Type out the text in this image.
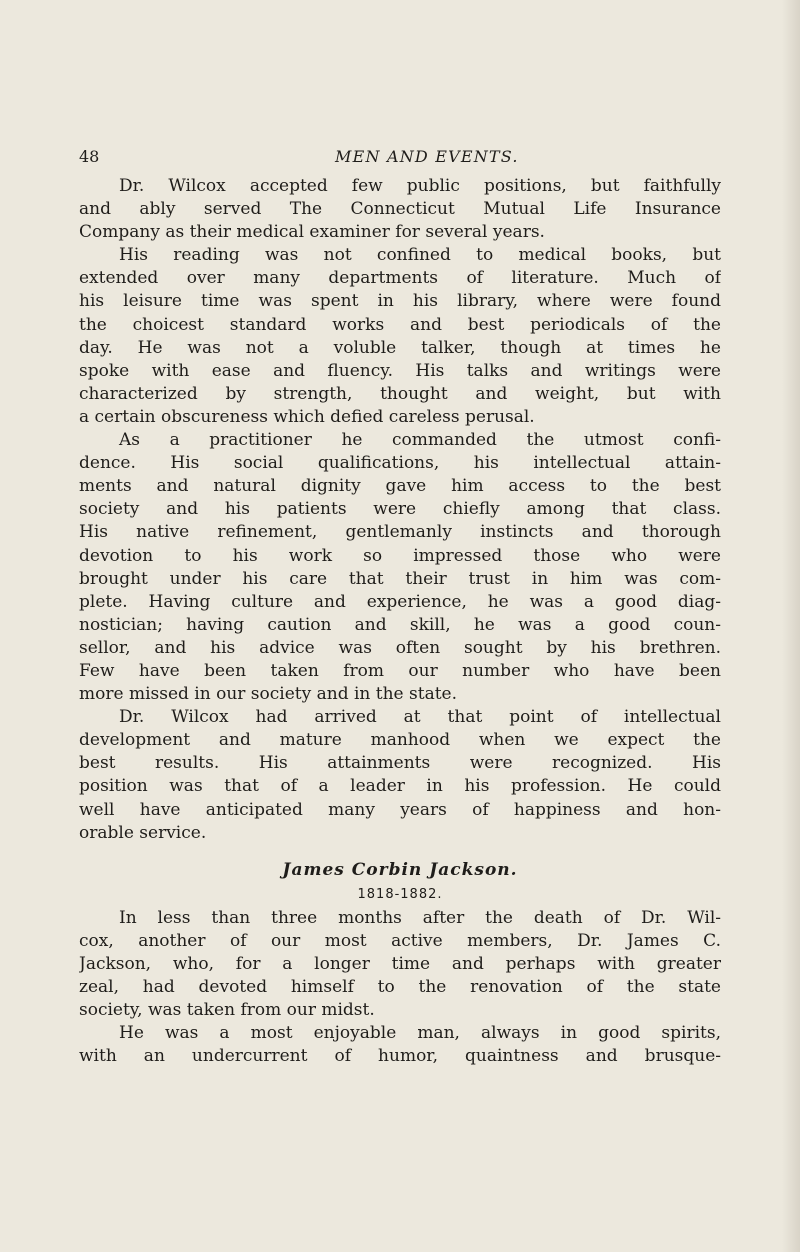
48	MEN AND EVENTS.
Dr. Wilcox accepted few public positions, but faithfully
and ably served The Connecticut Mutual Life Insurance
Company as their medical examiner for several years.
His reading was not confined to medical books, but
extended over many departments of literature. Much of
his leisure time was spent in his library, where were found
the choicest standard works and best periodicals of the
day. He was not a voluble talker, though at times he
spoke with ease and fluency. His talks and writings were
characterized by strength, thought and weight, but with
a certain obscureness which defied careless perusal.
As a practitioner he commanded the utmost confi-
dence. His social qualifications, his intellectual attain-
ments and natural dignity gave him access to the best
society and his patients were chiefly among that class.
His native refinement, gentlemanly instincts and thorough
devotion to his work so impressed those who were
brought under his care that their trust in him was com-
plete. Having culture and experience, he was a good diag-
nostician; having caution and skill, he was a good coun-
sellor, and his advice was often sought by his brethren.
Few have been taken from our number who have been
more missed in our society and in the state.
Dr. Wilcox had arrived at that point of intellectual
development and mature manhood when we expect the
best results. His attainments were recognized. His
position was that of a leader in his profession. He could
well have anticipated many years of happiness and hon-
orable service.
James Corbin Jackson.
1818-1882.
In less than three months after the death of Dr. Wil-
cox, another of our most active members, Dr. James C.
Jackson, who, for a longer time and perhaps with greater
zeal, had devoted himself to the renovation of the state
society, was taken from our midst.
He was a most enjoyable man, always in good spirits,
with an undercurrent of humor, quaintness and brusque-
